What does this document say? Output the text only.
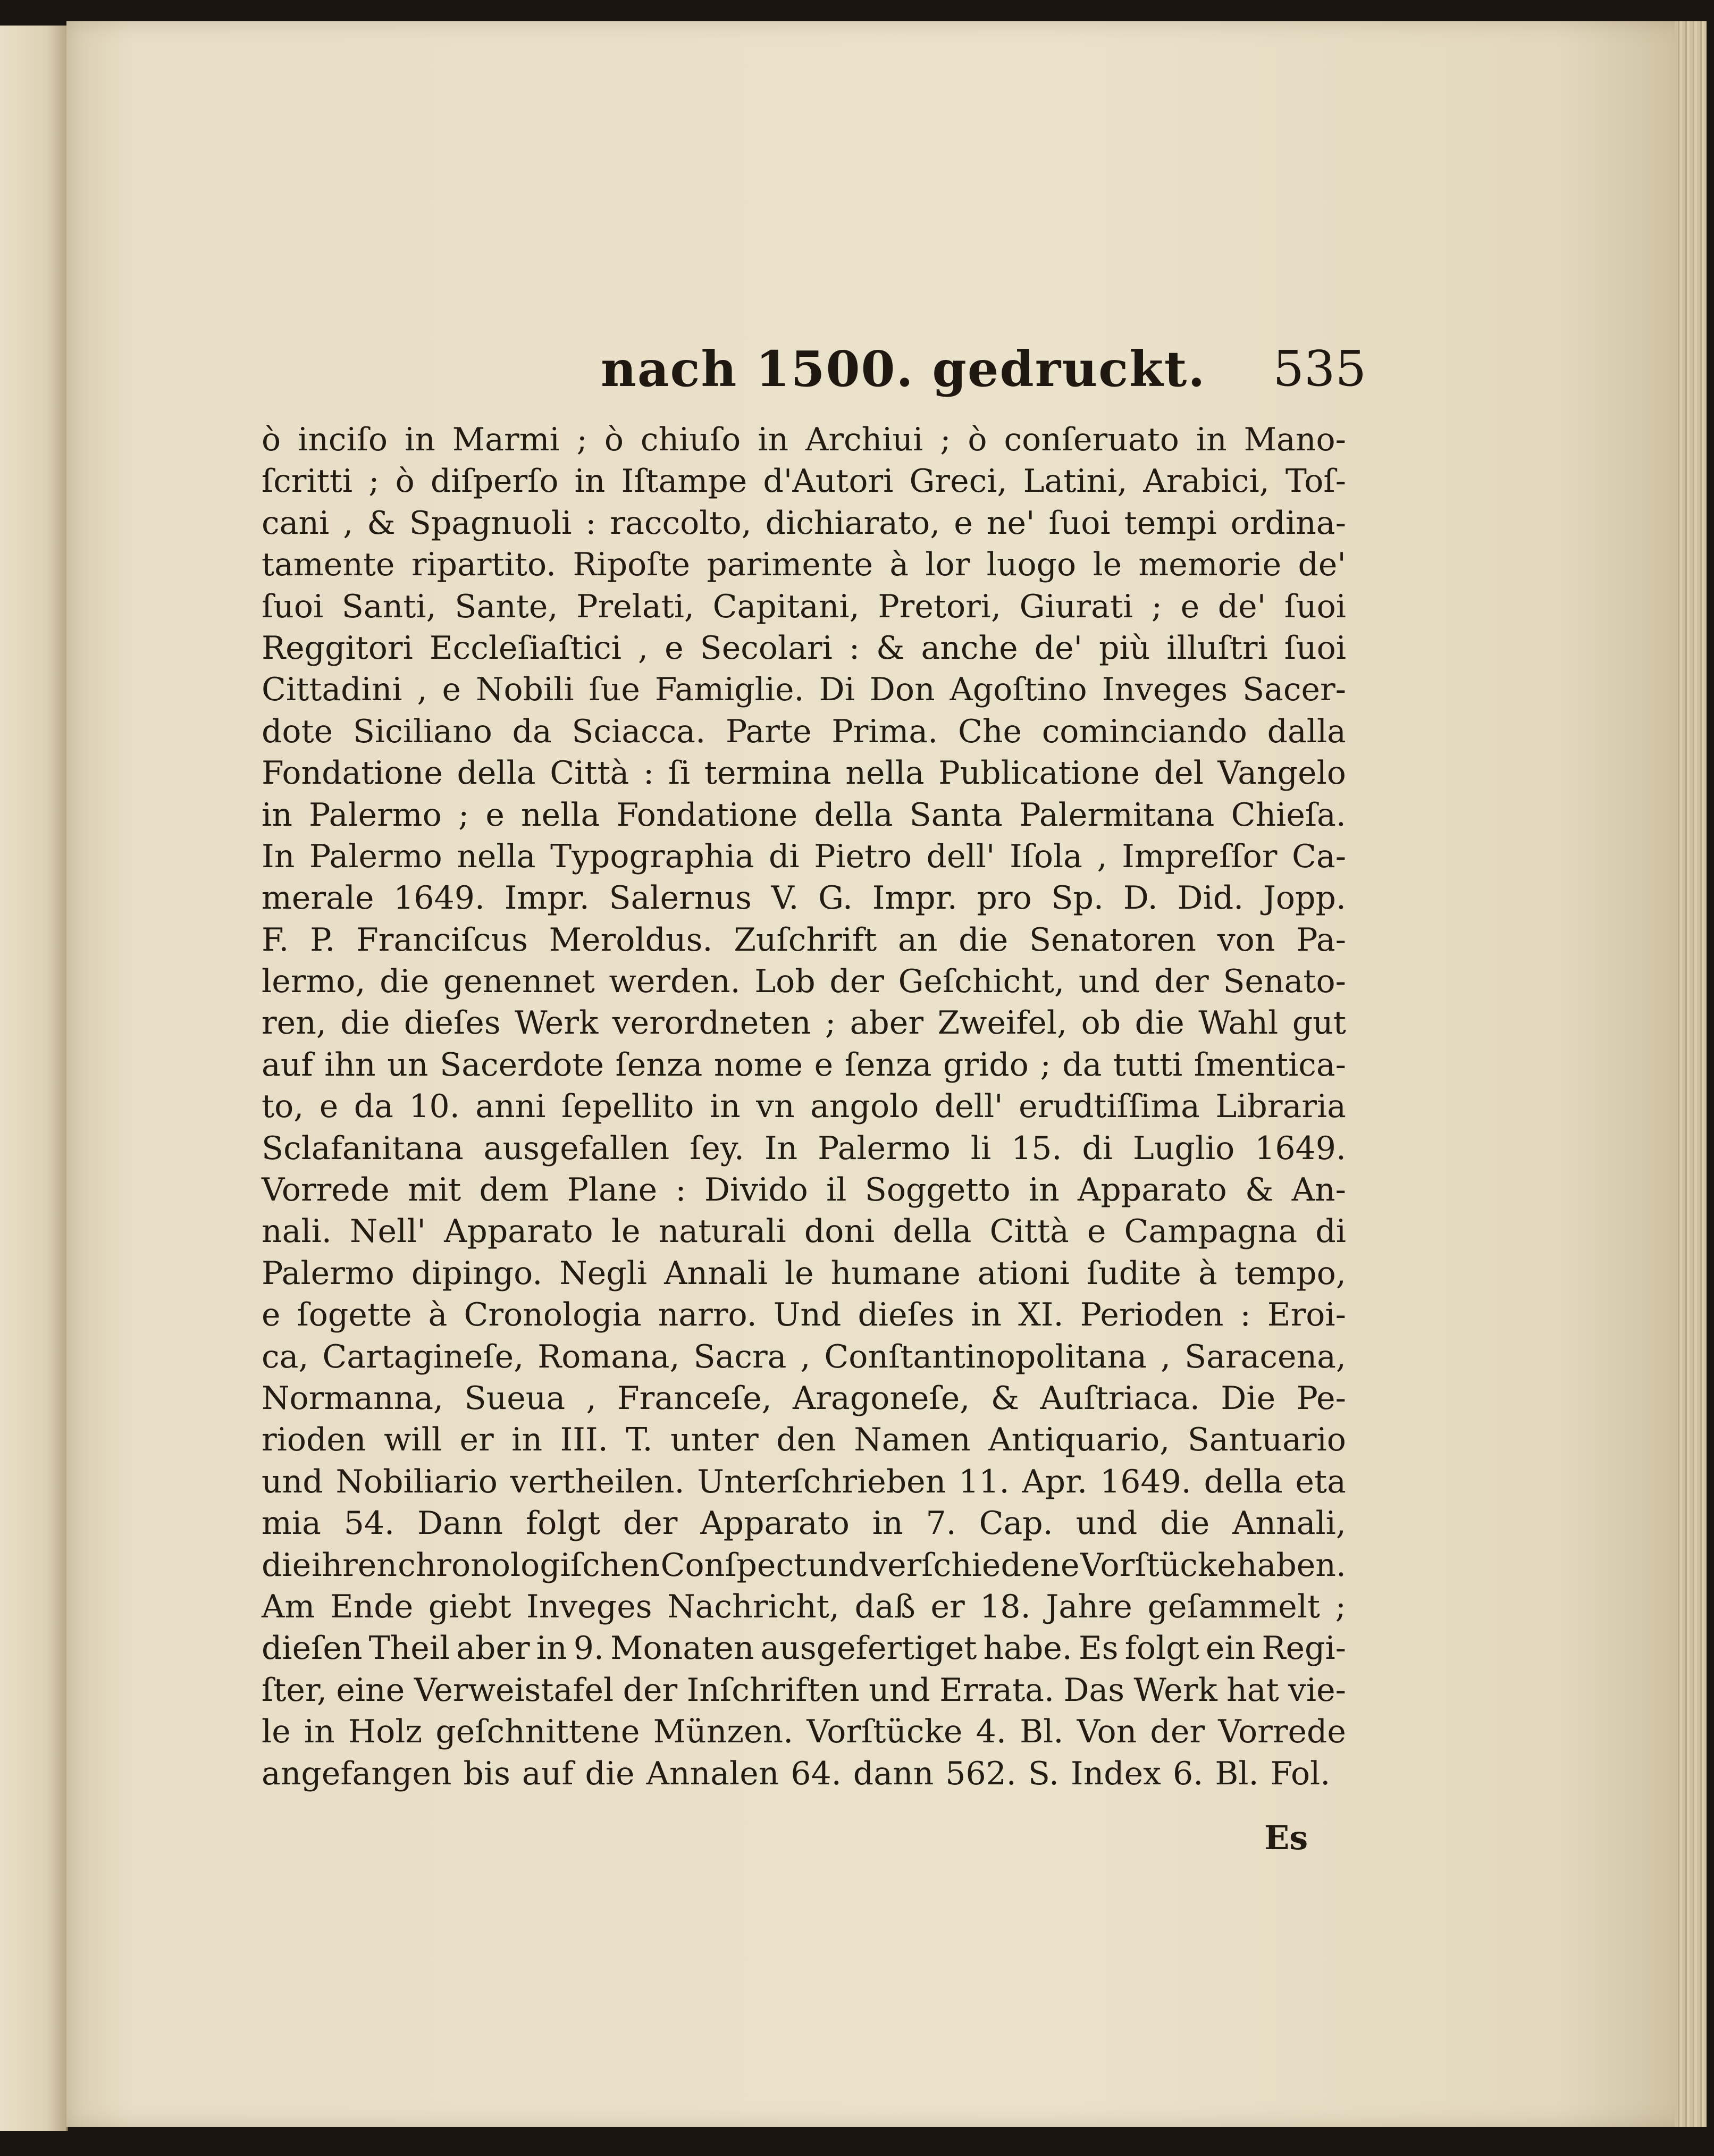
nach 1500. gedruckt. 535
ò inciſo in Marmi ; ò chiuſo in Archiui ; ò conſeruato in Mano-
ſcritti ; ò diſperſo in Iſtampe d'Autori Greci, Latini, Arabici, Toſ-
cani , & Spagnuoli : raccolto, dichiarato, e ne' ſuoi tempi ordina-
tamente ripartito. Ripoſte parimente à lor luogo le memorie de'
ſuoi Santi, Sante, Prelati, Capitani, Pretori, Giurati ; e de' ſuoi
Reggitori Eccleſiaſtici , e Secolari : & anche de' più illuſtri ſuoi
Cittadini , e Nobili ſue Famiglie. Di Don Agoſtino Inveges Sacer-
dote Siciliano da Sciacca. Parte Prima. Che cominciando dalla
Fondatione della Città : ſi termina nella Publicatione del Vangelo
in Palermo ; e nella Fondatione della Santa Palermitana Chieſa.
In Palermo nella Typographia di Pietro dell' Iſola , Impreſſor Ca-
merale 1649. Impr. Salernus V. G. Impr. pro Sp. D. Did. Jopp.
F. P. Franciſcus Meroldus. Zuſchrift an die Senatoren von Pa-
lermo, die genennet werden. Lob der Geſchicht, und der Senato-
ren, die dieſes Werk verordneten ; aber Zweifel, ob die Wahl gut
auf ihn un Sacerdote ſenza nome e ſenza grido ; da tutti ſmentica-
to, e da 10. anni ſepellito in vn angolo dell' erudtiſſima Libraria
Sclafanitana ausgefallen ſey. In Palermo li 15. di Luglio 1649.
Vorrede mit dem Plane : Divido il Soggetto in Apparato & An-
nali. Nell' Apparato le naturali doni della Città e Campagna di
Palermo dipingo. Negli Annali le humane ationi ſudite à tempo,
e ſogette à Cronologia narro. Und dieſes in XI. Perioden : Eroi-
ca, Cartagineſe, Romana, Sacra , Conſtantinopolitana , Saracena,
Normanna, Sueua , Franceſe, Aragoneſe, & Auſtriaca. Die Pe-
rioden will er in III. T. unter den Namen Antiquario, Santuario
und Nobiliario vertheilen. Unterſchrieben 11. Apr. 1649. della eta
mia 54. Dann folgt der Apparato in 7. Cap. und die Annali,
die ihren chronologiſchen Conſpect und verſchiedene Vorſtücke haben.
Am Ende giebt Inveges Nachricht, daß er 18. Jahre geſammelt ;
dieſen Theil aber in 9. Monaten ausgefertiget habe. Es folgt ein Regi-
ſter, eine Verweistafel der Inſchriften und Errata. Das Werk hat vie-
le in Holz geſchnittene Münzen. Vorſtücke 4. Bl. Von der Vorrede
angefangen bis auf die Annalen 64. dann 562. S. Index 6. Bl. Fol.
Es
